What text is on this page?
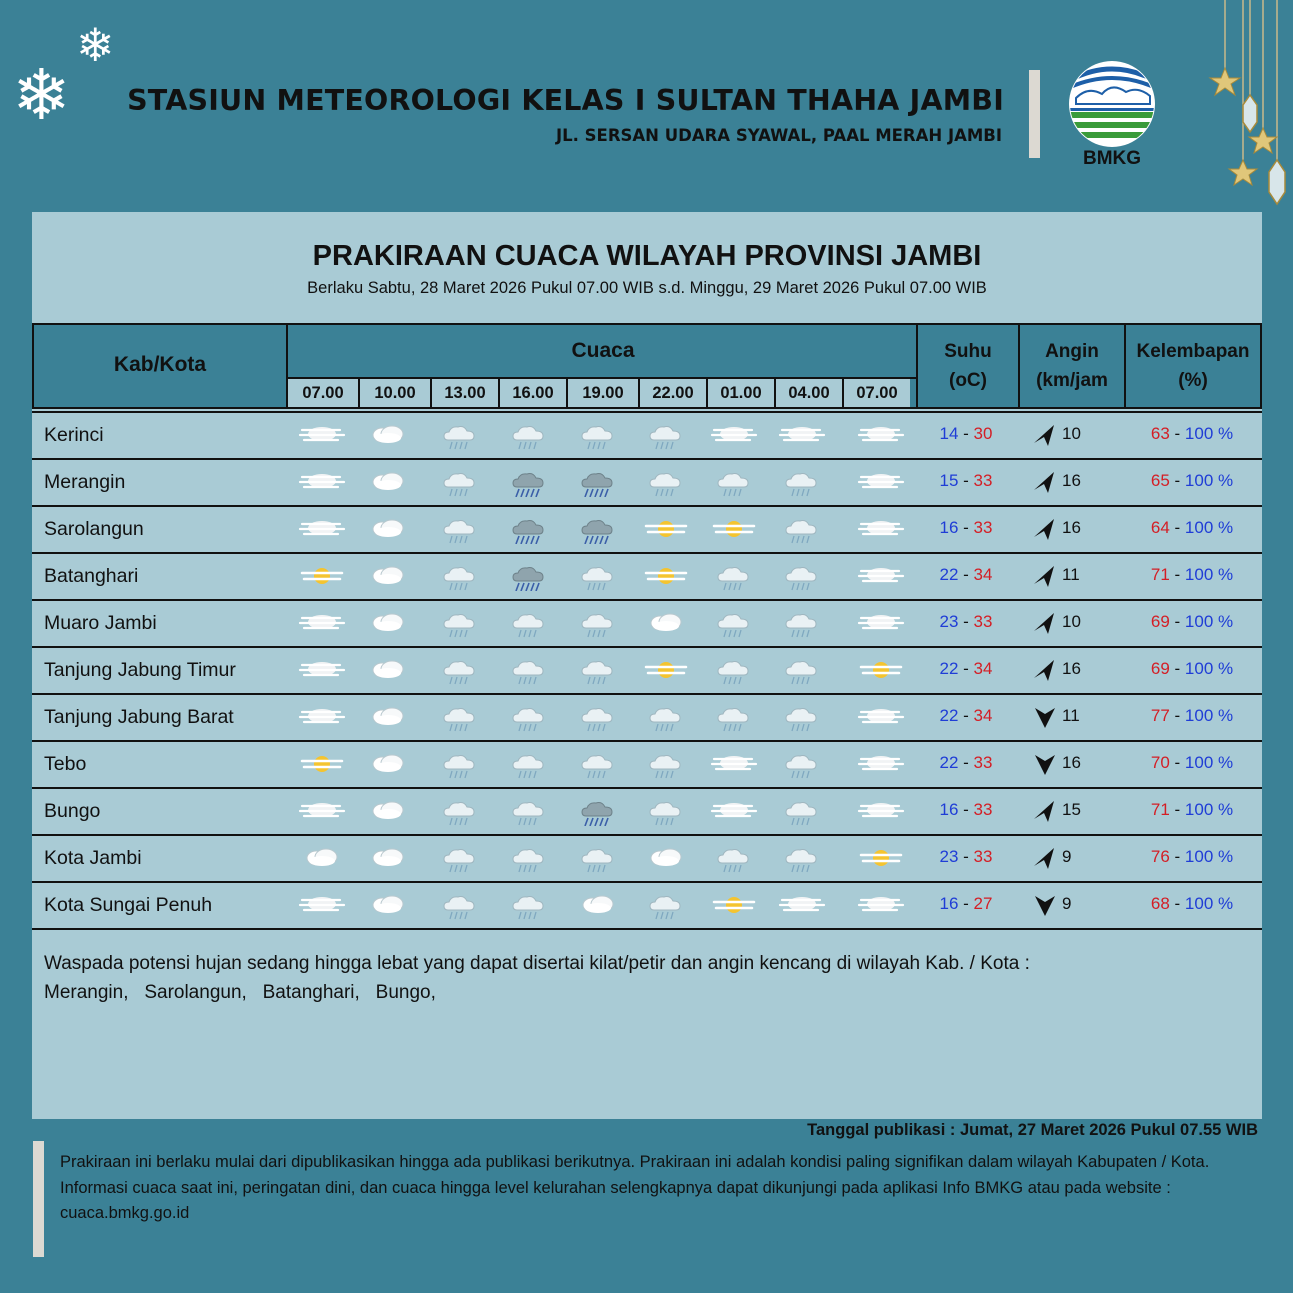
❄
❄ STASIUN METEOROLOGI KELAS I SULTAN THAHA JAMBI
JL. SERSAN UDARA SYAWAL, PAAL MERAH JAMBI
BMKG
PRAKIRAAN CUACA WILAYAH PROVINSI JAMBI
Berlaku Sabtu, 28 Maret 2026 Pukul 07.00 WIB s.d. Minggu, 29 Maret 2026 Pukul 07.00 WIB
Kab/Kota
Cuaca
07.00	10.00	13.00	16.00	19.00	22.00	01.00	04.00	07.00
Suhu
(oC)
Angin
(km/jam
Kelembapan
(%)
Kerinci	14 - 30	10	63 - 100 %
Merangin	15 - 33	16	65 - 100 %
Sarolangun	16 - 33	16	64 - 100 %
Batanghari	22 - 34	11	71 - 100 %
Muaro Jambi	23 - 33	10	69 - 100 %
Tanjung Jabung Timur	22 - 34	16	69 - 100 %
Tanjung Jabung Barat	22 - 34	11	77 - 100 %
Tebo	22 - 33	16	70 - 100 %
Bungo	16 - 33	15	71 - 100 %
Kota Jambi	23 - 33	9	76 - 100 %
Kota Sungai Penuh	16 - 27	9	68 - 100 %
Waspada potensi hujan sedang hingga lebat yang dapat disertai kilat/petir dan angin kencang di wilayah Kab. / Kota :
Merangin,   Sarolangun,   Batanghari,   Bungo,
Tanggal publikasi : Jumat, 27 Maret 2026 Pukul 07.55 WIB
Prakiraan ini berlaku mulai dari dipublikasikan hingga ada publikasi berikutnya. Prakiraan ini adalah kondisi paling signifikan dalam wilayah Kabupaten / Kota. Informasi cuaca saat ini, peringatan dini, dan cuaca hingga level kelurahan selengkapnya dapat dikunjungi pada aplikasi Info BMKG atau pada website : cuaca.bmkg.go.id
